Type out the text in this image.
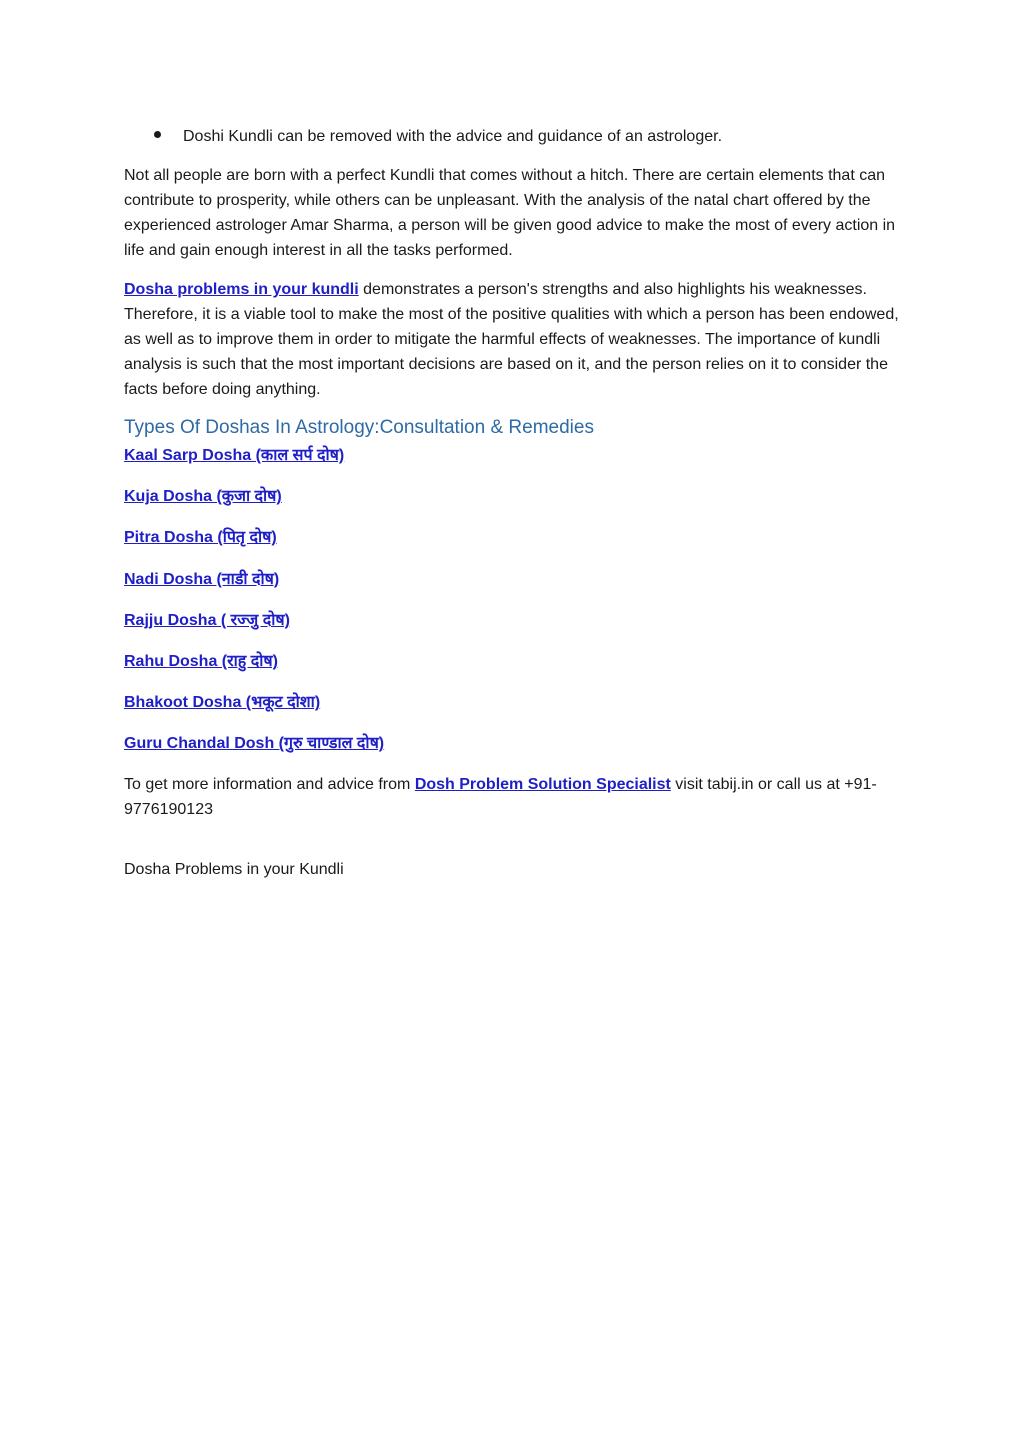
Doshi Kundli can be removed with the advice and guidance of an astrologer.

Not all people are born with a perfect Kundli that comes without a hitch. There are certain elements that can contribute to prosperity, while others can be unpleasant. With the analysis of the natal chart offered by the experienced astrologer Amar Sharma, a person will be given good advice to make the most of every action in life and gain enough interest in all the tasks performed.

Dosha problems in your kundli demonstrates a person's strengths and also highlights his weaknesses. Therefore, it is a viable tool to make the most of the positive qualities with which a person has been endowed, as well as to improve them in order to mitigate the harmful effects of weaknesses. The importance of kundli analysis is such that the most important decisions are based on it, and the person relies on it to consider the facts before doing anything.

Types Of Doshas In Astrology:Consultation & Remedies
Kaal Sarp Dosha (काल सर्प दोष)
Kuja Dosha (कुजा दोष)
Pitra Dosha (पितृ दोष)
Nadi Dosha (नाडी दोष)
Rajju Dosha ( रज्जु दोष)
Rahu Dosha (राहु दोष)
Bhakoot Dosha (भकूट दोशा)
Guru Chandal Dosh (गुरु चाण्डाल दोष)

To get more information and advice from Dosh Problem Solution Specialist visit tabij.in or call us at +91-9776190123

Dosha Problems in your Kundli
